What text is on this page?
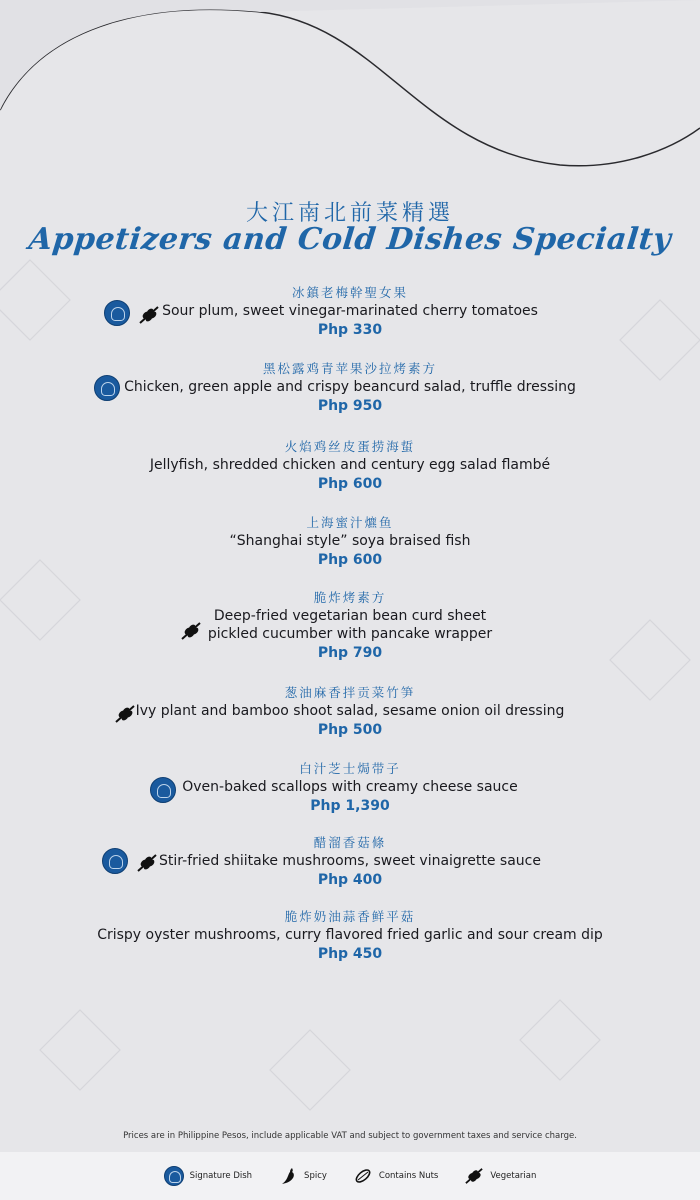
大江南北前菜精選
Appetizers and Cold Dishes Specialty
冰鎮老梅幹聖女果
Sour plum, sweet vinegar-marinated cherry tomatoes
Php 330
黑松露鸡青苹果沙拉烤素方
Chicken, green apple and crispy beancurd salad, truffle dressing
Php 950
火焰鸡丝皮蛋捞海蜇
Jellyfish, shredded chicken and century egg salad flambé
Php 600
上海蜜汁爊鱼
“Shanghai style” soya braised fish
Php 600
脆炸烤素方
Deep-fried vegetarian bean curd sheet
pickled cucumber with pancake wrapper
Php 790
葱油麻香拌贡菜竹笋
Ivy plant and bamboo shoot salad, sesame onion oil dressing
Php 500
白汁芝士焗带子
Oven-baked scallops with creamy cheese sauce
Php 1,390
醋溜香菇條
Stir-fried shiitake mushrooms, sweet vinaigrette sauce
Php 400
脆炸奶油蒜香鲜平菇
Crispy oyster mushrooms, curry flavored fried garlic and sour cream dip
Php 450
Prices are in Philippine Pesos, include applicable VAT and subject to government taxes and service charge.
Signature Dish	Spicy	Contains Nuts	Vegetarian
